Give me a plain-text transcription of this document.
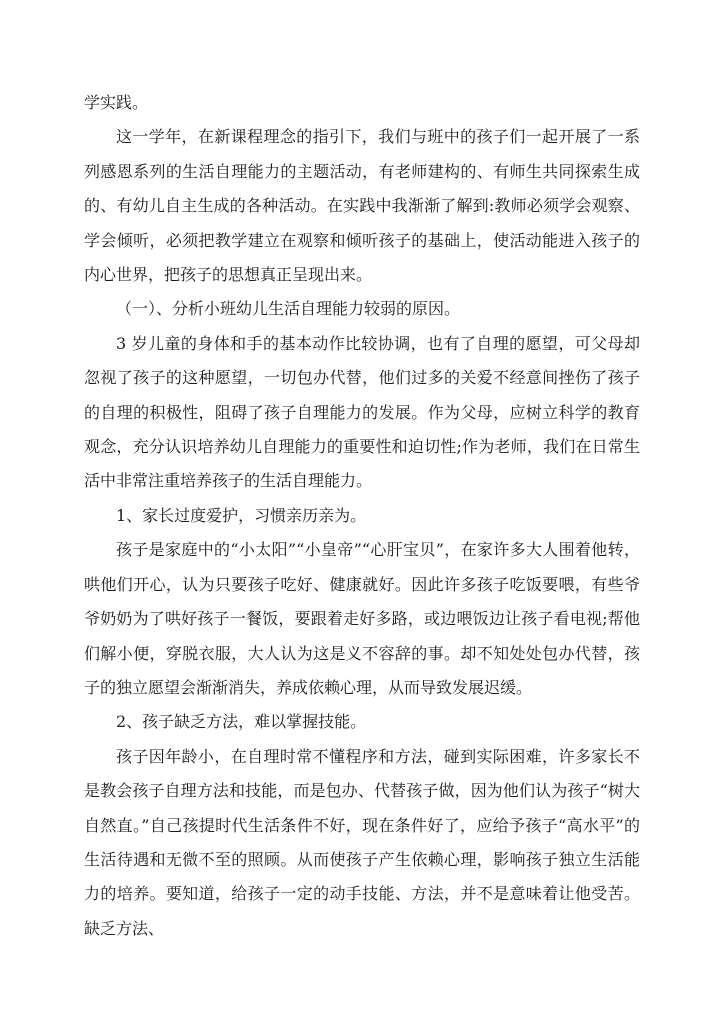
学实践。

这一学年，在新课程理念的指引下，我们与班中的孩子们一起开展了一系列感恩系列的生活自理能力的主题活动，有老师建构的、有师生共同探索生成的、有幼儿自主生成的各种活动。在实践中我渐渐了解到:教师必须学会观察、学会倾听，必须把教学建立在观察和倾听孩子的基础上，使活动能进入孩子的内心世界，把孩子的思想真正呈现出来。

（一）、分析小班幼儿生活自理能力较弱的原因。

3 岁儿童的身体和手的基本动作比较协调，也有了自理的愿望，可父母却忽视了孩子的这种愿望，一切包办代替，他们过多的关爱不经意间挫伤了孩子的自理的积极性，阻碍了孩子自理能力的发展。作为父母，应树立科学的教育观念，充分认识培养幼儿自理能力的重要性和迫切性;作为老师，我们在日常生活中非常注重培养孩子的生活自理能力。

1、家长过度爱护，习惯亲历亲为。

孩子是家庭中的“小太阳”“小皇帝”“心肝宝贝”，在家许多大人围着他转，哄他们开心，认为只要孩子吃好、健康就好。因此许多孩子吃饭要喂，有些爷爷奶奶为了哄好孩子一餐饭，要跟着走好多路，或边喂饭边让孩子看电视;帮他们解小便，穿脱衣服，大人认为这是义不容辞的事。却不知处处包办代替，孩子的独立愿望会渐渐消失，养成依赖心理，从而导致发展迟缓。

2、孩子缺乏方法，难以掌握技能。

孩子因年龄小，在自理时常不懂程序和方法，碰到实际困难，许多家长不是教会孩子自理方法和技能，而是包办、代替孩子做，因为他们认为孩子“树大自然直。”自己孩提时代生活条件不好，现在条件好了，应给予孩子“高水平”的生活待遇和无微不至的照顾。从而使孩子产生依赖心理，影响孩子独立生活能力的培养。要知道，给孩子一定的动手技能、方法，并不是意味着让他受苦。缺乏方法、
